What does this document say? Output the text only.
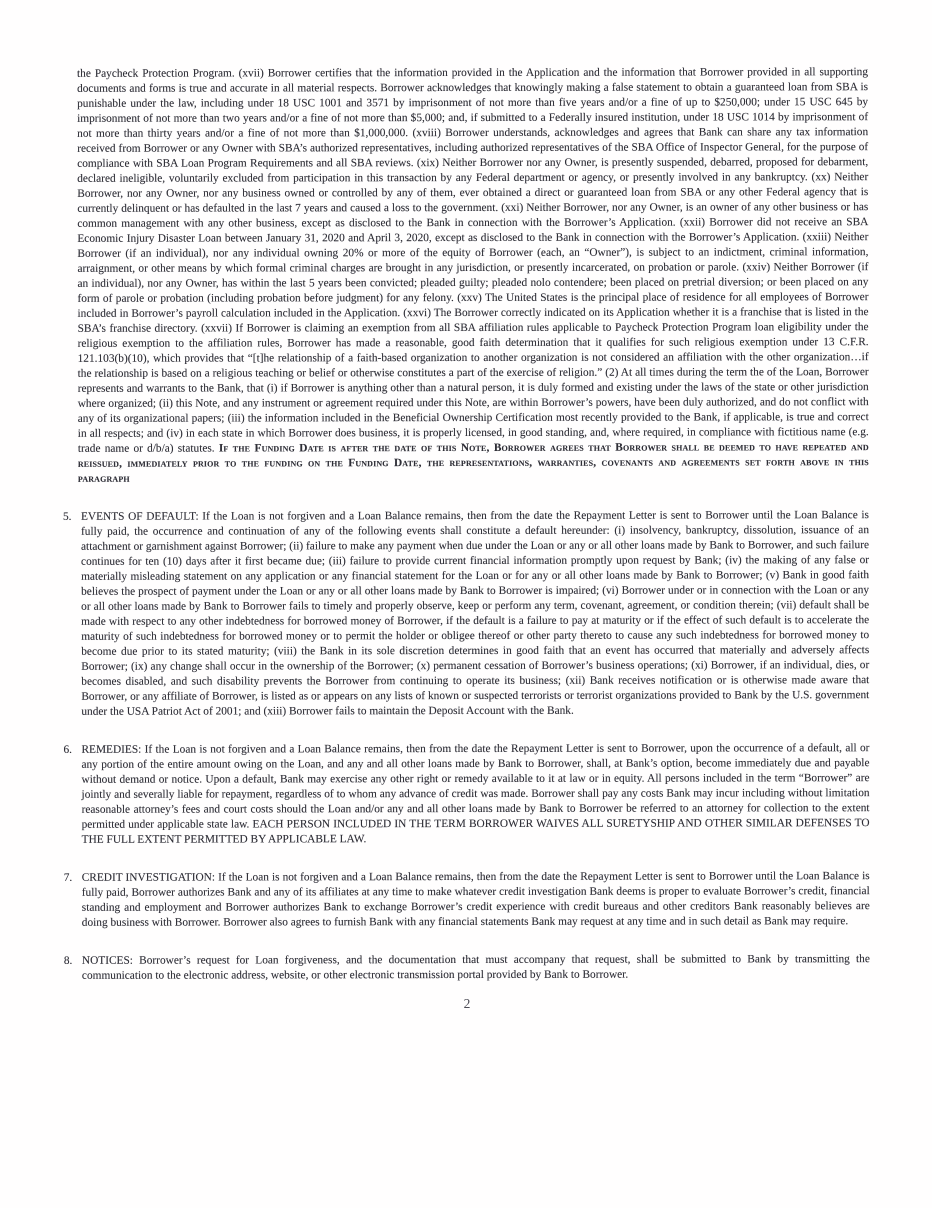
the Paycheck Protection Program. (xvii) Borrower certifies that the information provided in the Application and the information that Borrower provided in all supporting documents and forms is true and accurate in all material respects. Borrower acknowledges that knowingly making a false statement to obtain a guaranteed loan from SBA is punishable under the law, including under 18 USC 1001 and 3571 by imprisonment of not more than five years and/or a fine of up to $250,000; under 15 USC 645 by imprisonment of not more than two years and/or a fine of not more than $5,000; and, if submitted to a Federally insured institution, under 18 USC 1014 by imprisonment of not more than thirty years and/or a fine of not more than $1,000,000. (xviii) Borrower understands, acknowledges and agrees that Bank can share any tax information received from Borrower or any Owner with SBA’s authorized representatives, including authorized representatives of the SBA Office of Inspector General, for the purpose of compliance with SBA Loan Program Requirements and all SBA reviews. (xix) Neither Borrower nor any Owner, is presently suspended, debarred, proposed for debarment, declared ineligible, voluntarily excluded from participation in this transaction by any Federal department or agency, or presently involved in any bankruptcy. (xx) Neither Borrower, nor any Owner, nor any business owned or controlled by any of them, ever obtained a direct or guaranteed loan from SBA or any other Federal agency that is currently delinquent or has defaulted in the last 7 years and caused a loss to the government. (xxi) Neither Borrower, nor any Owner, is an owner of any other business or has common management with any other business, except as disclosed to the Bank in connection with the Borrower’s Application. (xxii) Borrower did not receive an SBA Economic Injury Disaster Loan between January 31, 2020 and April 3, 2020, except as disclosed to the Bank in connection with the Borrower’s Application. (xxiii) Neither Borrower (if an individual), nor any individual owning 20% or more of the equity of Borrower (each, an “Owner”), is subject to an indictment, criminal information, arraignment, or other means by which formal criminal charges are brought in any jurisdiction, or presently incarcerated, on probation or parole. (xxiv) Neither Borrower (if an individual), nor any Owner, has within the last 5 years been convicted; pleaded guilty; pleaded nolo contendere; been placed on pretrial diversion; or been placed on any form of parole or probation (including probation before judgment) for any felony. (xxv) The United States is the principal place of residence for all employees of Borrower included in Borrower’s payroll calculation included in the Application. (xxvi) The Borrower correctly indicated on its Application whether it is a franchise that is listed in the SBA’s franchise directory. (xxvii) If Borrower is claiming an exemption from all SBA affiliation rules applicable to Paycheck Protection Program loan eligibility under the religious exemption to the affiliation rules, Borrower has made a reasonable, good faith determination that it qualifies for such religious exemption under 13 C.F.R. 121.103(b)(10), which provides that “[t]he relationship of a faith-based organization to another organization is not considered an affiliation with the other organization…if the relationship is based on a religious teaching or belief or otherwise constitutes a part of the exercise of religion.” (2) At all times during the term the of the Loan, Borrower represents and warrants to the Bank, that (i) if Borrower is anything other than a natural person, it is duly formed and existing under the laws of the state or other jurisdiction where organized; (ii) this Note, and any instrument or agreement required under this Note, are within Borrower’s powers, have been duly authorized, and do not conflict with any of its organizational papers; (iii) the information included in the Beneficial Ownership Certification most recently provided to the Bank, if applicable, is true and correct in all respects; and (iv) in each state in which Borrower does business, it is properly licensed, in good standing, and, where required, in compliance with fictitious name (e.g. trade name or d/b/a) statutes. If the Funding Date is after the date of this Note, Borrower agrees that Borrower shall be deemed to have repeated and reissued, immediately prior to the funding on the Funding Date, the representations, warranties, covenants and agreements set forth above in this paragraph

5. EVENTS OF DEFAULT: If the Loan is not forgiven and a Loan Balance remains, then from the date the Repayment Letter is sent to Borrower until the Loan Balance is fully paid, the occurrence and continuation of any of the following events shall constitute a default hereunder: (i) insolvency, bankruptcy, dissolution, issuance of an attachment or garnishment against Borrower; (ii) failure to make any payment when due under the Loan or any or all other loans made by Bank to Borrower, and such failure continues for ten (10) days after it first became due; (iii) failure to provide current financial information promptly upon request by Bank; (iv) the making of any false or materially misleading statement on any application or any financial statement for the Loan or for any or all other loans made by Bank to Borrower; (v) Bank in good faith believes the prospect of payment under the Loan or any or all other loans made by Bank to Borrower is impaired; (vi) Borrower under or in connection with the Loan or any or all other loans made by Bank to Borrower fails to timely and properly observe, keep or perform any term, covenant, agreement, or condition therein; (vii) default shall be made with respect to any other indebtedness for borrowed money of Borrower, if the default is a failure to pay at maturity or if the effect of such default is to accelerate the maturity of such indebtedness for borrowed money or to permit the holder or obligee thereof or other party thereto to cause any such indebtedness for borrowed money to become due prior to its stated maturity; (viii) the Bank in its sole discretion determines in good faith that an event has occurred that materially and adversely affects Borrower; (ix) any change shall occur in the ownership of the Borrower; (x) permanent cessation of Borrower’s business operations; (xi) Borrower, if an individual, dies, or becomes disabled, and such disability prevents the Borrower from continuing to operate its business; (xii) Bank receives notification or is otherwise made aware that Borrower, or any affiliate of Borrower, is listed as or appears on any lists of known or suspected terrorists or terrorist organizations provided to Bank by the U.S. government under the USA Patriot Act of 2001; and (xiii) Borrower fails to maintain the Deposit Account with the Bank.
6. REMEDIES: If the Loan is not forgiven and a Loan Balance remains, then from the date the Repayment Letter is sent to Borrower, upon the occurrence of a default, all or any portion of the entire amount owing on the Loan, and any and all other loans made by Bank to Borrower, shall, at Bank’s option, become immediately due and payable without demand or notice. Upon a default, Bank may exercise any other right or remedy available to it at law or in equity. All persons included in the term “Borrower” are jointly and severally liable for repayment, regardless of to whom any advance of credit was made. Borrower shall pay any costs Bank may incur including without limitation reasonable attorney’s fees and court costs should the Loan and/or any and all other loans made by Bank to Borrower be referred to an attorney for collection to the extent permitted under applicable state law. EACH PERSON INCLUDED IN THE TERM BORROWER WAIVES ALL SURETYSHIP AND OTHER SIMILAR DEFENSES TO THE FULL EXTENT PERMITTED BY APPLICABLE LAW.
7. CREDIT INVESTIGATION: If the Loan is not forgiven and a Loan Balance remains, then from the date the Repayment Letter is sent to Borrower until the Loan Balance is fully paid, Borrower authorizes Bank and any of its affiliates at any time to make whatever credit investigation Bank deems is proper to evaluate Borrower’s credit, financial standing and employment and Borrower authorizes Bank to exchange Borrower’s credit experience with credit bureaus and other creditors Bank reasonably believes are doing business with Borrower. Borrower also agrees to furnish Bank with any financial statements Bank may request at any time and in such detail as Bank may require.
8. NOTICES: Borrower’s request for Loan forgiveness, and the documentation that must accompany that request, shall be submitted to Bank by transmitting the communication to the electronic address, website, or other electronic transmission portal provided by Bank to Borrower.
2
